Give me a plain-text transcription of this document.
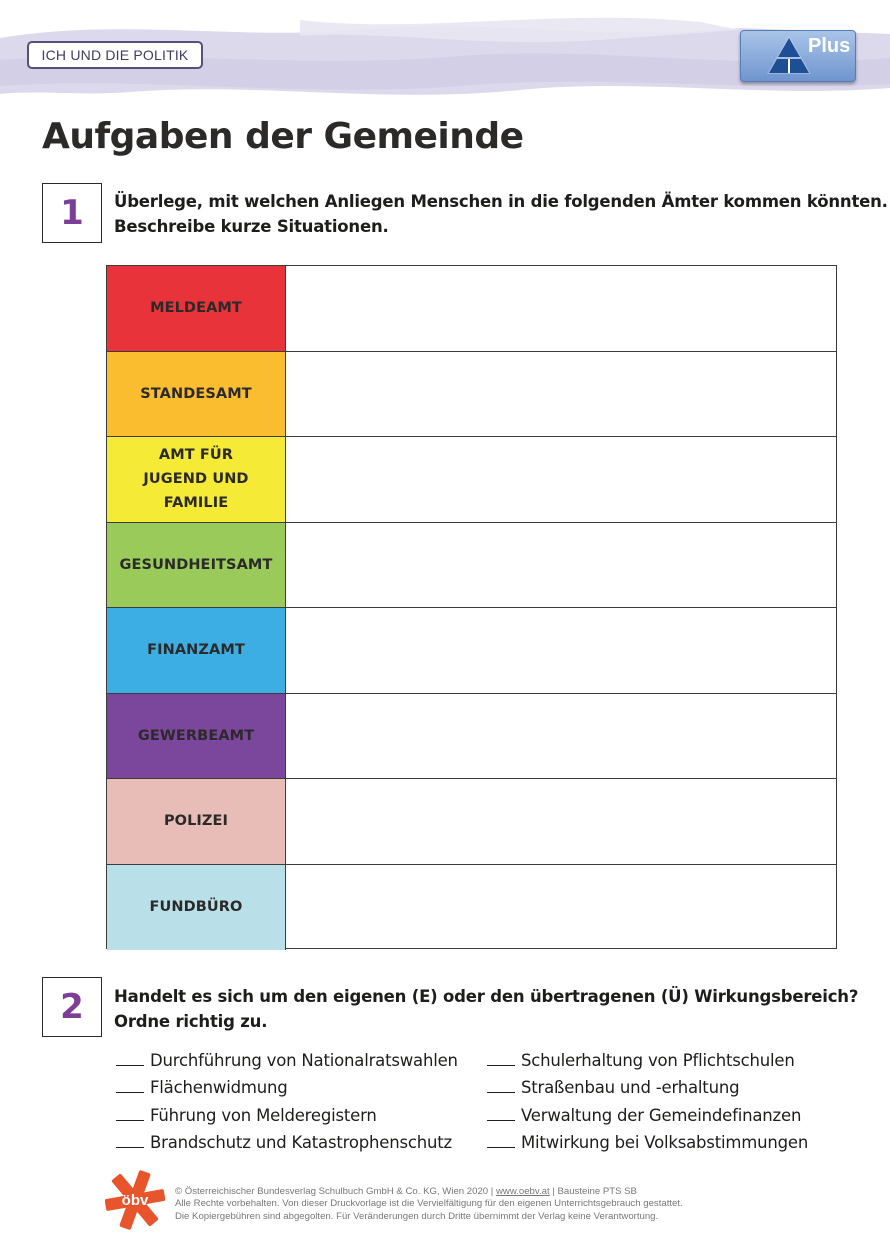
ICH UND DIE POLITIK	Plus
Aufgaben der Gemeinde
1	Überlege, mit welchen Anliegen Menschen in die folgenden Ämter kommen könnten.
Beschreibe kurze Situationen.
MELDEAMT
STANDESAMT
AMT FÜR JUGEND UND FAMILIE
GESUNDHEITSAMT
FINANZAMT
GEWERBEAMT
POLIZEI
FUNDBÜRO
2	Handelt es sich um den eigenen (E) oder den übertragenen (Ü) Wirkungsbereich?
Ordne richtig zu.
Durchführung von Nationalratswahlen
Flächenwidmung
Führung von Melderegistern
Brandschutz und Katastrophenschutz
Schulerhaltung von Pflichtschulen
Straßenbau und -erhaltung
Verwaltung der Gemeindefinanzen
Mitwirkung bei Volksabstimmungen
öbv
© Österreichischer Bundesverlag Schulbuch GmbH & Co. KG, Wien 2020 | www.oebv.at | Bausteine PTS SB
Alle Rechte vorbehalten. Von dieser Druckvorlage ist die Vervielfältigung für den eigenen Unterrichtsgebrauch gestattet.
Die Kopiergebühren sind abgegolten. Für Veränderungen durch Dritte übernimmt der Verlag keine Verantwortung.
